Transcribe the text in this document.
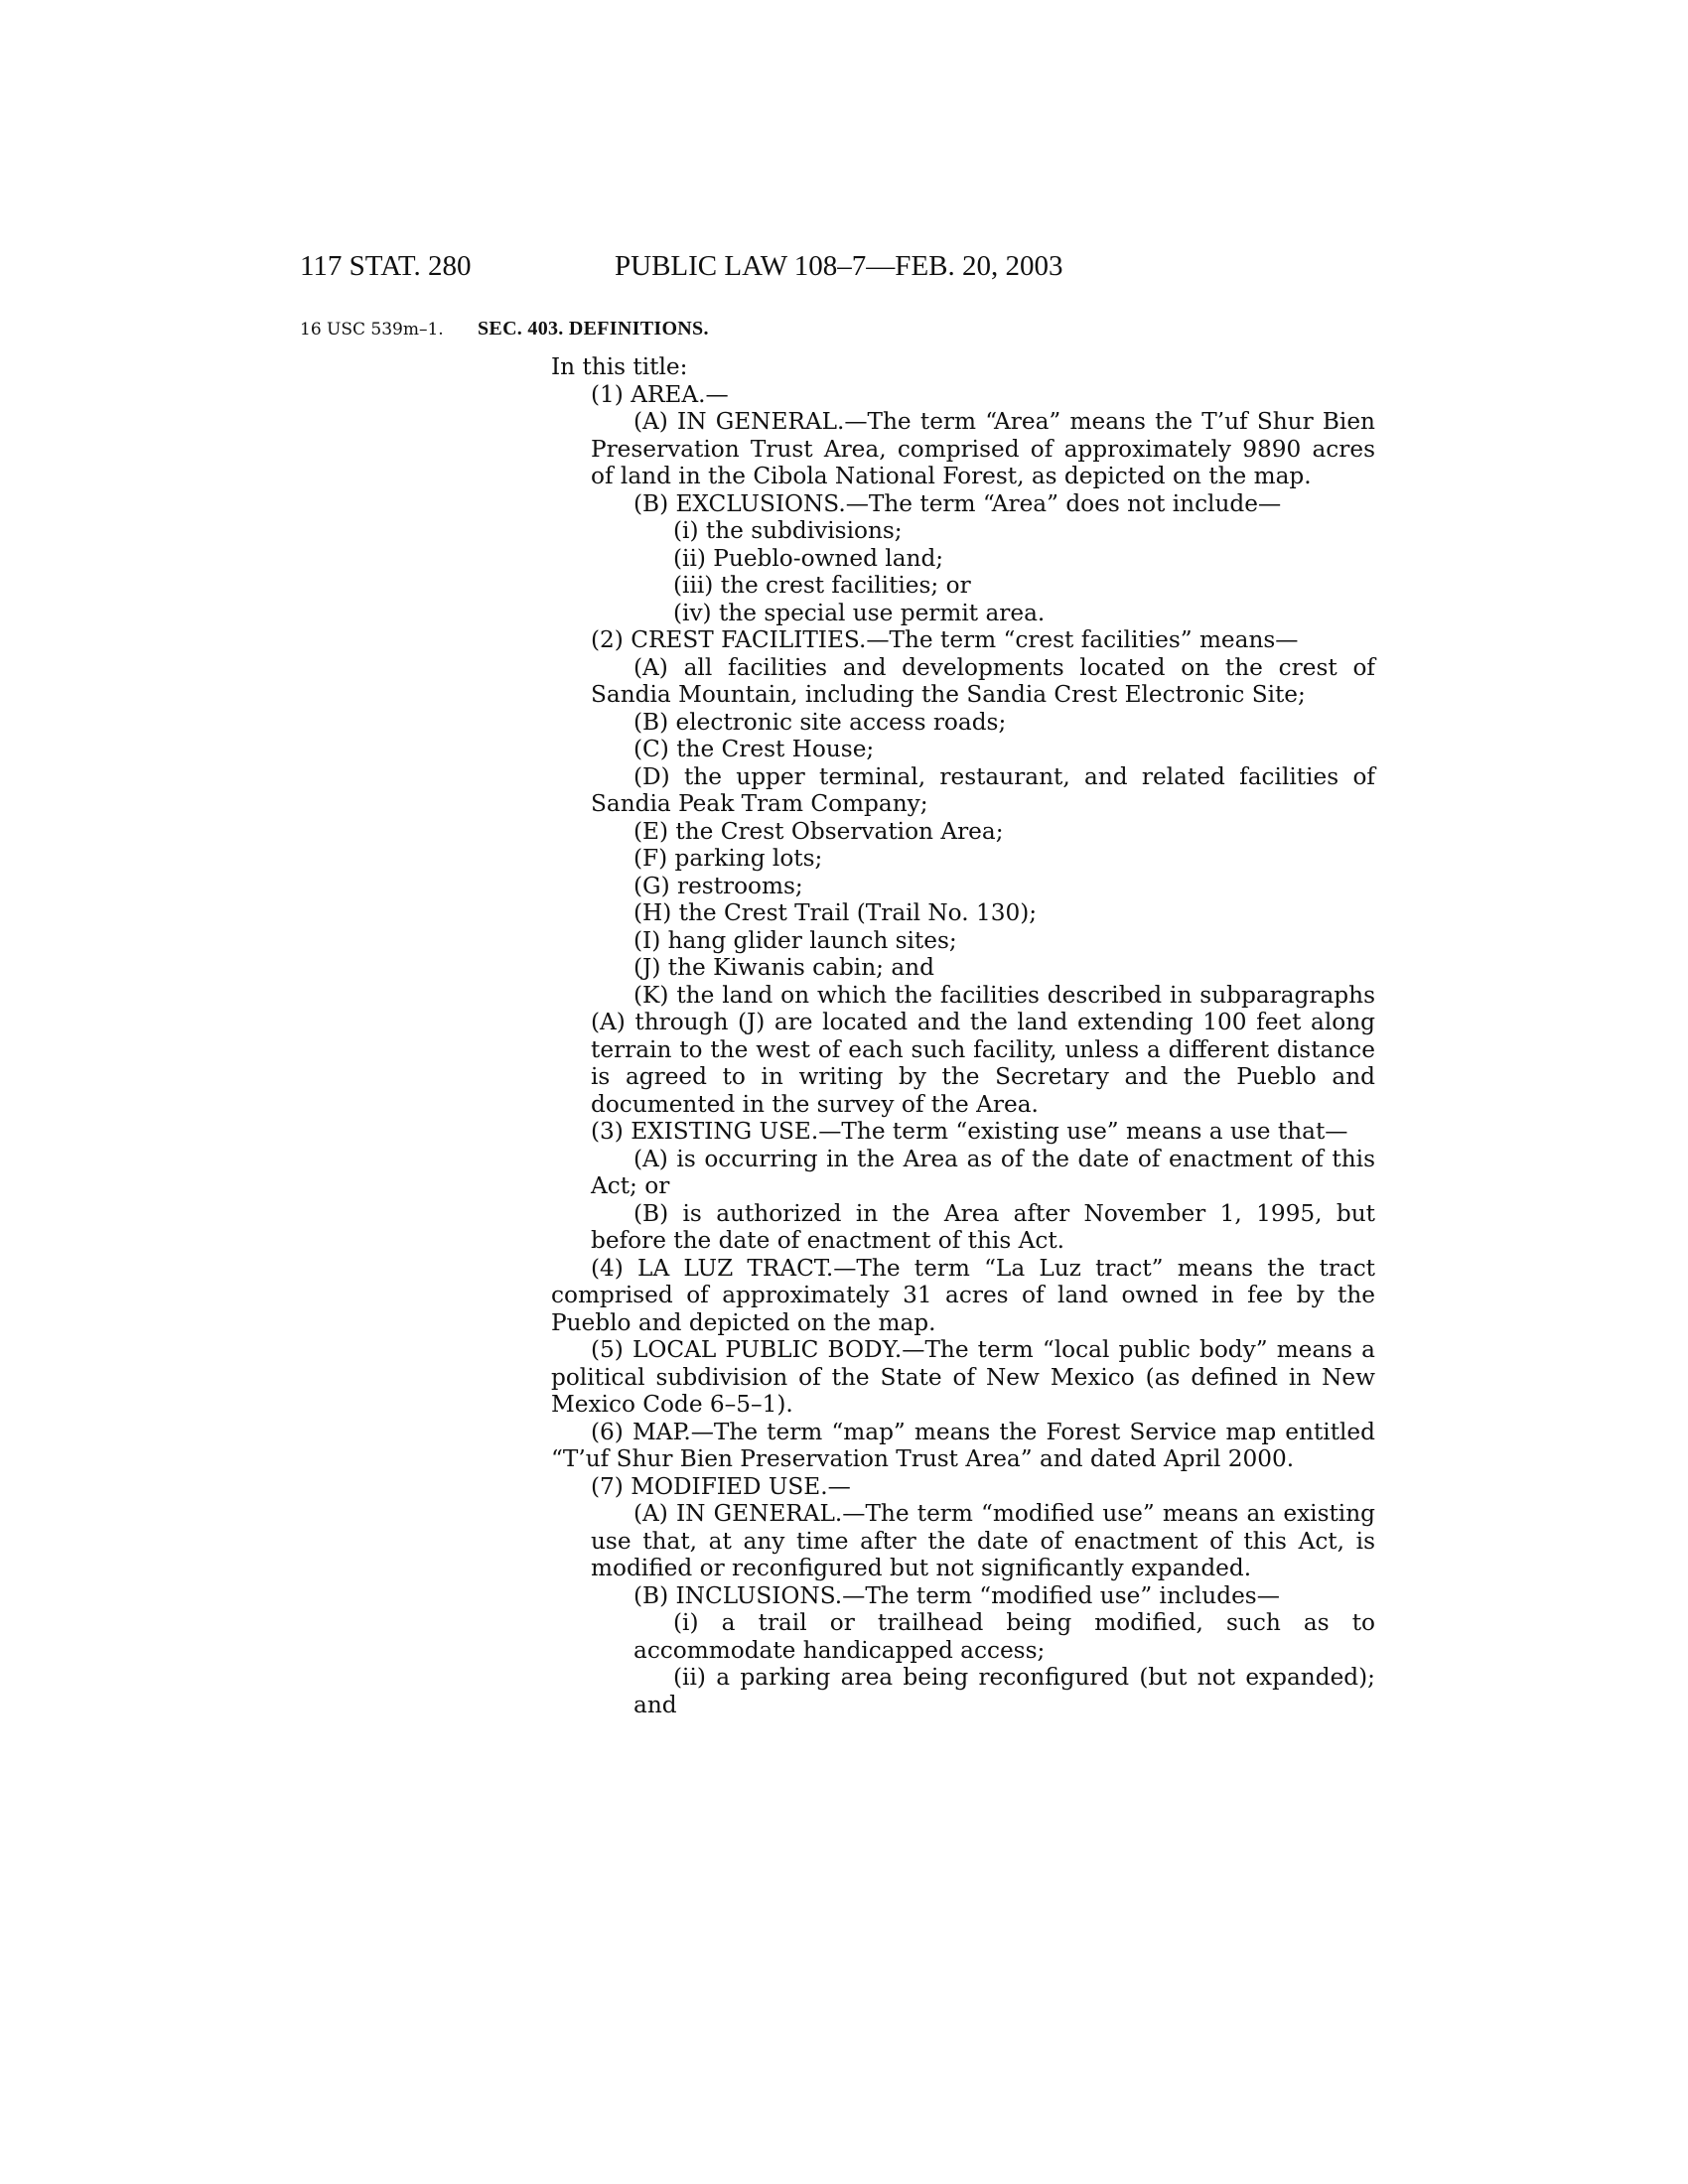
117 STAT. 280	PUBLIC LAW 108–7—FEB. 20, 2003
16 USC 539m–1. SEC. 403. DEFINITIONS.

In this title:

(1) AREA.—

(A) IN GENERAL.—The term “Area” means the T’uf Shur Bien Preservation Trust Area, comprised of approximately 9890 acres of land in the Cibola National Forest, as depicted on the map.

(B) EXCLUSIONS.—The term “Area” does not include—

(i) the subdivisions;

(ii) Pueblo-owned land;

(iii) the crest facilities; or

(iv) the special use permit area.

(2) CREST FACILITIES.—The term “crest facilities” means—

(A) all facilities and developments located on the crest of Sandia Mountain, including the Sandia Crest Electronic Site;

(B) electronic site access roads;

(C) the Crest House;

(D) the upper terminal, restaurant, and related facilities of Sandia Peak Tram Company;

(E) the Crest Observation Area;

(F) parking lots;

(G) restrooms;

(H) the Crest Trail (Trail No. 130);

(I) hang glider launch sites;

(J) the Kiwanis cabin; and

(K) the land on which the facilities described in subparagraphs (A) through (J) are located and the land extending 100 feet along terrain to the west of each such facility, unless a different distance is agreed to in writing by the Secretary and the Pueblo and documented in the survey of the Area.

(3) EXISTING USE.—The term “existing use” means a use that—

(A) is occurring in the Area as of the date of enactment of this Act; or

(B) is authorized in the Area after November 1, 1995, but before the date of enactment of this Act.

(4) LA LUZ TRACT.—The term “La Luz tract” means the tract comprised of approximately 31 acres of land owned in fee by the Pueblo and depicted on the map.

(5) LOCAL PUBLIC BODY.—The term “local public body” means a political subdivision of the State of New Mexico (as defined in New Mexico Code 6–5–1).

(6) MAP.—The term “map” means the Forest Service map entitled “T’uf Shur Bien Preservation Trust Area” and dated April 2000.

(7) MODIFIED USE.—

(A) IN GENERAL.—The term “modified use” means an existing use that, at any time after the date of enactment of this Act, is modified or reconfigured but not significantly expanded.

(B) INCLUSIONS.—The term “modified use” includes—

(i) a trail or trailhead being modified, such as to accommodate handicapped access;

(ii) a parking area being reconfigured (but not expanded); and
